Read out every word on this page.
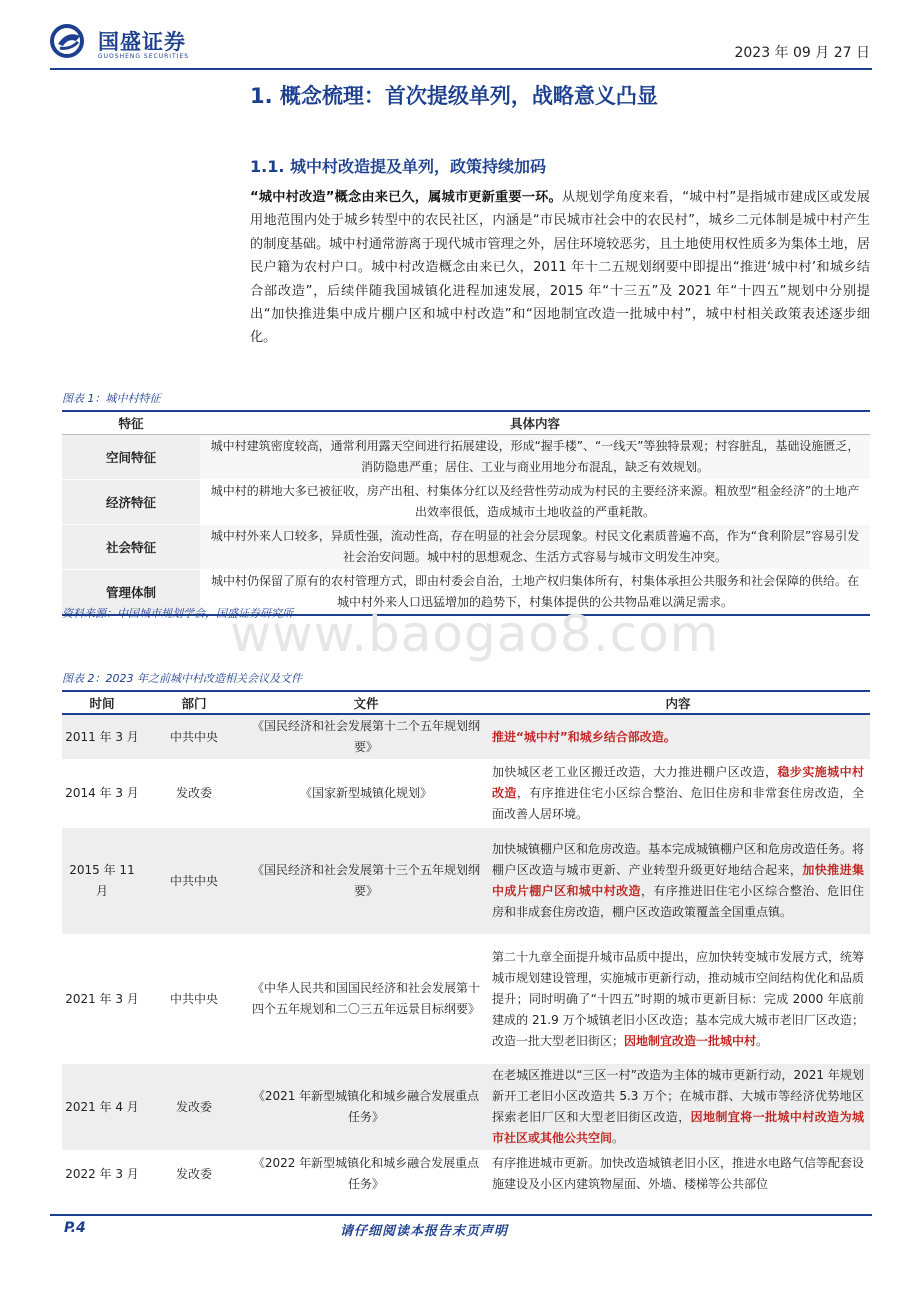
国盛证券
GUOSHENG SECURITIES	2023 年 09 月 27 日
1. 概念梳理：首次提级单列，战略意义凸显
1.1. 城中村改造提及单列，政策持续加码
“城中村改造”概念由来已久，属城市更新重要一环。从规划学角度来看，“城中村”是指城市建成区或发展用地范围内处于城乡转型中的农民社区，内涵是“市民城市社会中的农民村”，城乡二元体制是城中村产生的制度基础。城中村通常游离于现代城市管理之外，居住环境较恶劣，且土地使用权性质多为集体土地，居民户籍为农村户口。城中村改造概念由来已久，2011 年十二五规划纲要中即提出“推进‘城中村’和城乡结合部改造”，后续伴随我国城镇化进程加速发展，2015 年“十三五”及 2021 年“十四五”规划中分别提出“加快推进集中成片棚户区和城中村改造”和“因地制宜改造一批城中村”，城中村相关政策表述逐步细化。
图表 1：城中村特征
特征	具体内容
空间特征	城中村建筑密度较高，通常利用露天空间进行拓展建设，形成“握手楼”、“一线天”等独特景观；村容脏乱，基础设施匮乏，消防隐患严重；居住、工业与商业用地分布混乱，缺乏有效规划。
经济特征	城中村的耕地大多已被征收，房产出租、村集体分红以及经营性劳动成为村民的主要经济来源。粗放型“租金经济”的土地产出效率很低，造成城市土地收益的严重耗散。
社会特征	城中村外来人口较多，异质性强，流动性高，存在明显的社会分层现象。村民文化素质普遍不高，作为“食利阶层”容易引发社会治安问题。城中村的思想观念、生活方式容易与城市文明发生冲突。
管理体制	城中村仍保留了原有的农村管理方式，即由村委会自治，土地产权归集体所有，村集体承担公共服务和社会保障的供给。在城中村外来人口迅猛增加的趋势下，村集体提供的公共物品难以满足需求。
资料来源：中国城市规划学会，国盛证券研究所
www.baogao8.com
图表 2：2023 年之前城中村改造相关会议及文件
时间	部门	文件	内容
2011 年 3 月	中共中央	《国民经济和社会发展第十二个五年规划纲要》	推进“城中村”和城乡结合部改造。
2014 年 3 月	发改委	《国家新型城镇化规划》	加快城区老工业区搬迁改造，大力推进棚户区改造，稳步实施城中村改造，有序推进住宅小区综合整治、危旧住房和非常套住房改造，全面改善人居环境。
2015 年 11 月	中共中央	《国民经济和社会发展第十三个五年规划纲要》	加快城镇棚户区和危房改造。基本完成城镇棚户区和危房改造任务。将棚户区改造与城市更新、产业转型升级更好地结合起来，加快推进集中成片棚户区和城中村改造，有序推进旧住宅小区综合整治、危旧住房和非成套住房改造，棚户区改造政策覆盖全国重点镇。
2021 年 3 月	中共中央	《中华人民共和国国民经济和社会发展第十四个五年规划和二〇三五年远景目标纲要》	第二十九章全面提升城市品质中提出，应加快转变城市发展方式，统筹城市规划建设管理，实施城市更新行动，推动城市空间结构优化和品质提升；同时明确了“十四五”时期的城市更新目标：完成 2000 年底前建成的 21.9 万个城镇老旧小区改造；基本完成大城市老旧厂区改造；改造一批大型老旧街区；因地制宜改造一批城中村。
2021 年 4 月	发改委	《2021 年新型城镇化和城乡融合发展重点任务》	在老城区推进以“三区一村”改造为主体的城市更新行动，2021 年规划新开工老旧小区改造共 5.3 万个；在城市群、大城市等经济优势地区探索老旧厂区和大型老旧街区改造，因地制宜将一批城中村改造为城市社区或其他公共空间。
2022 年 3 月	发改委	《2022 年新型城镇化和城乡融合发展重点任务》	有序推进城市更新。加快改造城镇老旧小区，推进水电路气信等配套设施建设及小区内建筑物屋面、外墙、楼梯等公共部位
P.4	请仔细阅读本报告末页声明
